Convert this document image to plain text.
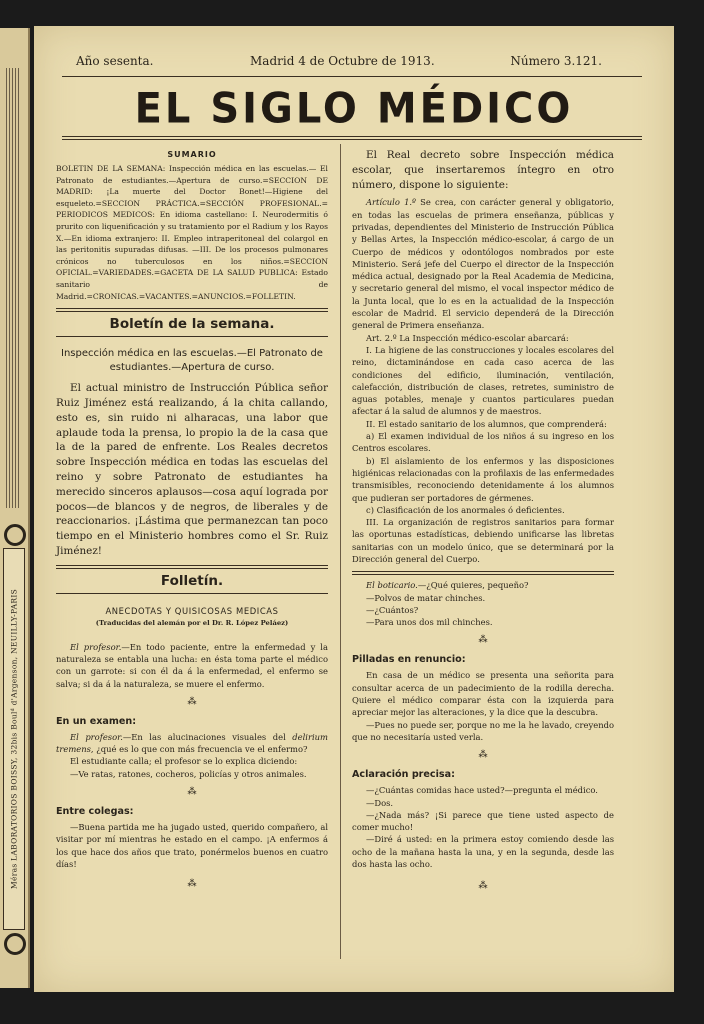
Méras LABORATORIOS BOISSY, 32bis Boulᵈ d'Argenson, NEUILLY-PARIS
Año sesenta.	Madrid 4 de Octubre de 1913.	Número 3.121.
EL SIGLO MÉDICO
SUMARIO

BOLETIN DE LA SEMANA: Inspección médica en las escuelas.— El Patronato de estudiantes.—Apertura de curso.=SECCION DE MADRID: ¡La muerte del Doctor Bonet!—Higiene del esqueleto.=SECCION PRÁCTICA.=SECCIÓN PROFESIONAL.= PERIODICOS MEDICOS: En idioma castellano: I. Neurodermitis ó prurito con liquenificación y su tratamiento por el Radium y los Rayos X.—En idioma extranjero: II. Empleo intraperitoneal del colargol en las peritonitis supuradas difusas. —III. De los procesos pulmonares crónicos no tuberculosos en los niños.=SECCION OFICIAL.=VARIEDADES.=GACETA DE LA SALUD PUBLICA: Estado sanitario de Madrid.=CRONICAS.=VACANTES.=ANUNCIOS.=FOLLETIN.

Boletín de la semana.
Inspección médica en las escuelas.—El Patronato de estudiantes.—Apertura de curso.

El actual ministro de Instrucción Pública señor Ruiz Jiménez está realizando, á la chita callando, esto es, sin ruido ni alharacas, una labor que aplaude toda la prensa, lo propio la de la casa que la de la pared de enfrente. Los Reales decretos sobre Inspección médica en todas las escuelas del reino y sobre Patronato de estudiantes ha merecido sinceros aplausos—cosa aquí lograda por pocos—de blancos y de negros, de liberales y de reaccionarios. ¡Lástima que permanezcan tan poco tiempo en el Ministerio hombres como el Sr. Ruiz Jiménez!

Folletín.
ANECDOTAS Y QUISICOSAS MEDICAS
(Traducidas del alemán por el Dr. R. López Peláez)

El profesor.—En todo paciente, entre la enfermedad y la naturaleza se entabla una lucha: en ésta toma parte el médico con un garrote: si con él da á la enfermedad, el enfermo se salva; si da á la naturaleza, se muere el enfermo.

⁂
En un examen:

El profesor.—En las alucinaciones visuales del delirium tremens, ¿qué es lo que con más frecuencia ve el enfermo?

El estudiante calla; el profesor se lo explica diciendo:

—Ve ratas, ratones, cocheros, policías y otros animales.

⁂
Entre colegas:

—Buena partida me ha jugado usted, querido compañero, al visitar por mí mientras he estado en el campo. ¡A enfermos á los que hace dos años que trato, ponérmelos buenos en cuatro días!

⁂

El Real decreto sobre Inspección médica escolar, que insertaremos íntegro en otro número, dispone lo siguiente:

Artículo 1.º Se crea, con carácter general y obligatorio, en todas las escuelas de primera enseñanza, públicas y privadas, dependientes del Ministerio de Instrucción Pública y Bellas Artes, la Inspección médico-escolar, á cargo de un Cuerpo de médicos y odontólogos nombrados por este Ministerio. Será jefe del Cuerpo el director de la Inspección médica actual, designado por la Real Academia de Medicina, y secretario general del mismo, el vocal inspector médico de la Junta local, que lo es en la actualidad de la Inspección escolar de Madrid. El servicio dependerá de la Dirección general de Primera enseñanza.

Art. 2.º La Inspección médico-escolar abarcará:

I. La higiene de las construcciones y locales escolares del reino, dictaminándose en cada caso acerca de las condiciones del edificio, iluminación, ventilación, calefacción, distribución de clases, retretes, suministro de aguas potables, menaje y cuantos particulares puedan afectar á la salud de alumnos y de maestros.

II. El estado sanitario de los alumnos, que comprenderá:

a) El examen individual de los niños á su ingreso en los Centros escolares.

b) El aislamiento de los enfermos y las disposiciones higiénicas relacionadas con la profilaxis de las enfermedades transmisibles, reconociendo detenidamente á los alumnos que pudieran ser portadores de gérmenes.

c) Clasificación de los anormales ó deficientes.

III. La organización de registros sanitarios para formar las oportunas estadísticas, debiendo unificarse las libretas sanitarias con un modelo único, que se determinará por la Dirección general del Cuerpo.

El boticario.—¿Qué quieres, pequeño?

—Polvos de matar chinches.

—¿Cuántos?

—Para unos dos mil chinches.

⁂
Pilladas en renuncio:

En casa de un médico se presenta una señorita para consultar acerca de un padecimiento de la rodilla derecha. Quiere el médico comparar ésta con la izquierda para apreciar mejor las alteraciones, y la dice que la descubra.

—Pues no puede ser, porque no me la he lavado, creyendo que no necesitaría usted verla.

⁂
Aclaración precisa:

—¿Cuántas comidas hace usted?—pregunta el médico.

—Dos.

—¿Nada más? ¡Si parece que tiene usted aspecto de comer mucho!

—Diré á usted: en la primera estoy comiendo desde las ocho de la mañana hasta la una, y en la segunda, desde las dos hasta las ocho.

⁂
